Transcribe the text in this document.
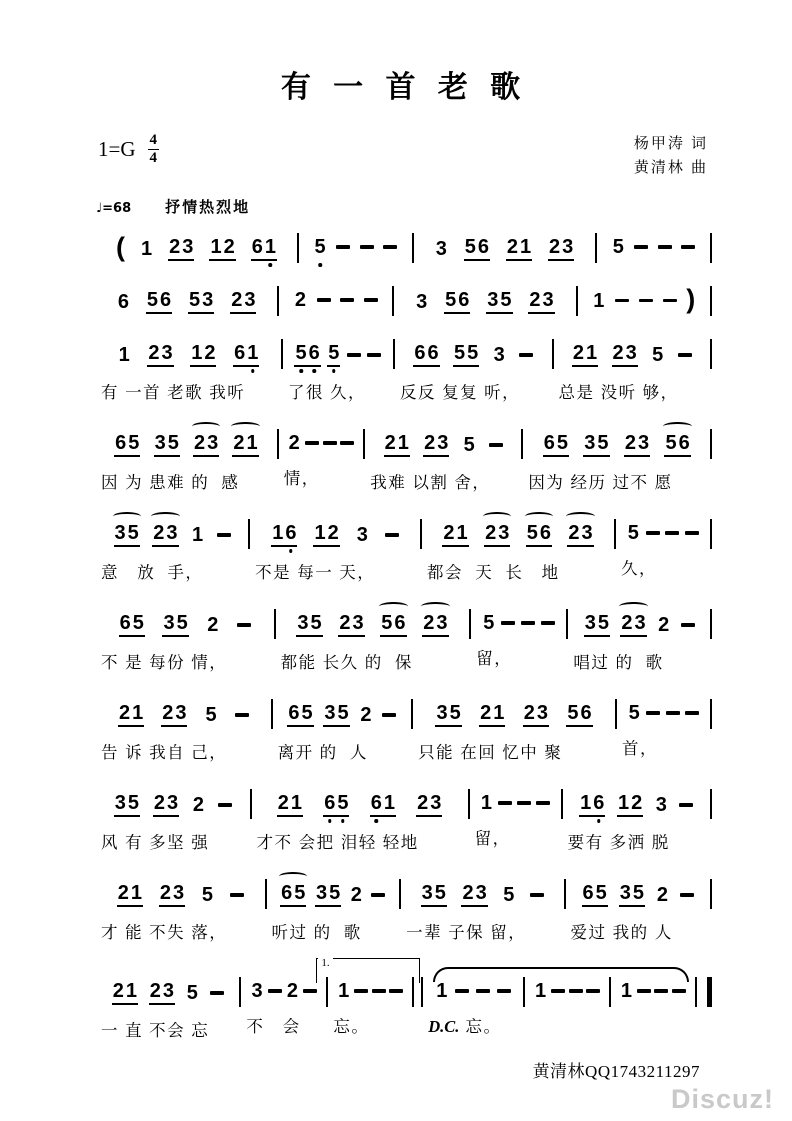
有 一 首 老 歌
$1=G \frac{4}{4}$	杨甲涛 词
黄清林 曲
♩=68 抒情热烈地
( 1 2 3 1 2 6 1 5	3 5 6 2 1 2 3 5
6 5 6 5 3 2 3 2	3 5 6 3 5 2 3 1	)
1 2 3 1 2 6 1
有 一首 老歌 我听
5 6 5
了很 久，
6 6 5 5 3
反反 复复 听，
2 1 2 3 5
总是 没听 够，
6 5 3 5 2 3 2 1
因 为 患难 的  感
2
情，
2 1 2 3 5
我难 以割 舍，
6 5 3 5 2 3 5 6
因为 经历 过不 愿
3 5 2 3 1
意   放  手，
1 6 1 2 3
不是 每一 天，
2 1 2 3 5 6 2 3
都会  天  长   地
5
久，
6 5 3 5 2
不 是 每份 情，
3 5 2 3 5 6 2 3
都能 长久 的  保
5
留，
3 5 2 3 2
唱过 的  歌
2 1 2 3 5
告 诉 我自 己，
6 5 3 5 2
离开 的  人
3 5 2 1 2 3 5 6
只能 在回 忆中 聚
5
首，
3 5 2 3 2
风 有 多坚 强
2 1 6 5 6 1 2 3
才不 会把 泪轻 轻地
1
留，
1 6 1 2 3
要有 多洒 脱
2 1 2 3 5
才 能 不失 落，
6 5 3 5 2
听过 的  歌
3 5 2 3 5
一辈 子保 留，
6 5 3 5 2
爱过 我的 人
2 1 2 3 5
一 直 不会 忘
3 2
不   会
1
1.
忘。
1
D.C. 忘。
1	1
黄清林QQ1743211297
Discuz!
